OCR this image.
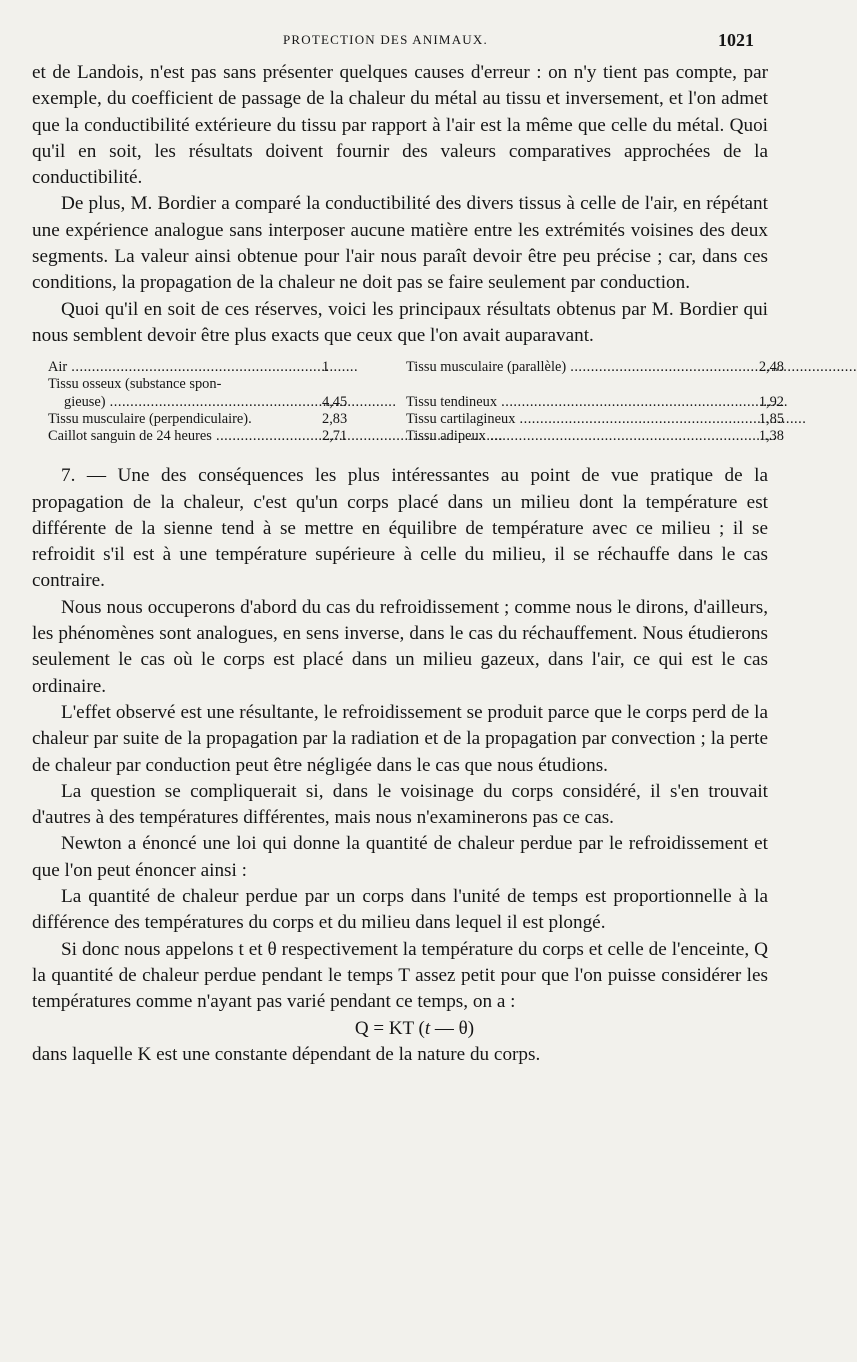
PROTECTION DES ANIMAUX.	1021

et de Landois, n'est pas sans présenter quelques causes d'erreur : on n'y tient pas compte, par exemple, du coefficient de passage de la chaleur du métal au tissu et inversement, et l'on admet que la conductibilité extérieure du tissu par rapport à l'air est la même que celle du métal. Quoi qu'il en soit, les résultats doivent fournir des valeurs comparatives approchées de la conductibilité.

De plus, M. Bordier a comparé la conductibilité des divers tissus à celle de l'air, en répétant une expérience analogue sans interposer aucune matière entre les extrémités voisines des deux segments. La valeur ainsi obtenue pour l'air nous paraît devoir être peu précise ; car, dans ces conditions, la propagation de la chaleur ne doit pas se faire seulement par conduction.

Quoi qu'il en soit de ces réserves, voici les principaux résultats obtenus par M. Bordier qui nous semblent devoir être plus exacts que ceux que l'on avait auparavant.

Air .....	1	Tissu musculaire (parallèle) .....	2,48
Tissu osseux (substance spon-
gieuse) .....	4,45	Tissu tendineux .....	1,92
Tissu musculaire (perpendiculaire).	2,83	Tissu cartilagineux .....	1,85
Caillot sanguin de 24 heures .....	2,71	Tissu adipeux .....	1,38

7. — Une des conséquences les plus intéressantes au point de vue pratique de la propagation de la chaleur, c'est qu'un corps placé dans un milieu dont la température est différente de la sienne tend à se mettre en équilibre de température avec ce milieu ; il se refroidit s'il est à une température supérieure à celle du milieu, il se réchauffe dans le cas contraire.

Nous nous occuperons d'abord du cas du refroidissement ; comme nous le dirons, d'ailleurs, les phénomènes sont analogues, en sens inverse, dans le cas du réchauffement. Nous étudierons seulement le cas où le corps est placé dans un milieu gazeux, dans l'air, ce qui est le cas ordinaire.

L'effet observé est une résultante, le refroidissement se produit parce que le corps perd de la chaleur par suite de la propagation par la radiation et de la propagation par convection ; la perte de chaleur par conduction peut être négligée dans le cas que nous étudions.

La question se compliquerait si, dans le voisinage du corps considéré, il s'en trouvait d'autres à des températures différentes, mais nous n'examinerons pas ce cas.

Newton a énoncé une loi qui donne la quantité de chaleur perdue par le refroidissement et que l'on peut énoncer ainsi :

La quantité de chaleur perdue par un corps dans l'unité de temps est proportionnelle à la différence des températures du corps et du milieu dans lequel il est plongé.

Si donc nous appelons t et θ respectivement la température du corps et celle de l'enceinte, Q la quantité de chaleur perdue pendant le temps T assez petit pour que l'on puisse considérer les températures comme n'ayant pas varié pendant ce temps, on a :

Q = KT (t — θ)

dans laquelle K est une constante dépendant de la nature du corps.
